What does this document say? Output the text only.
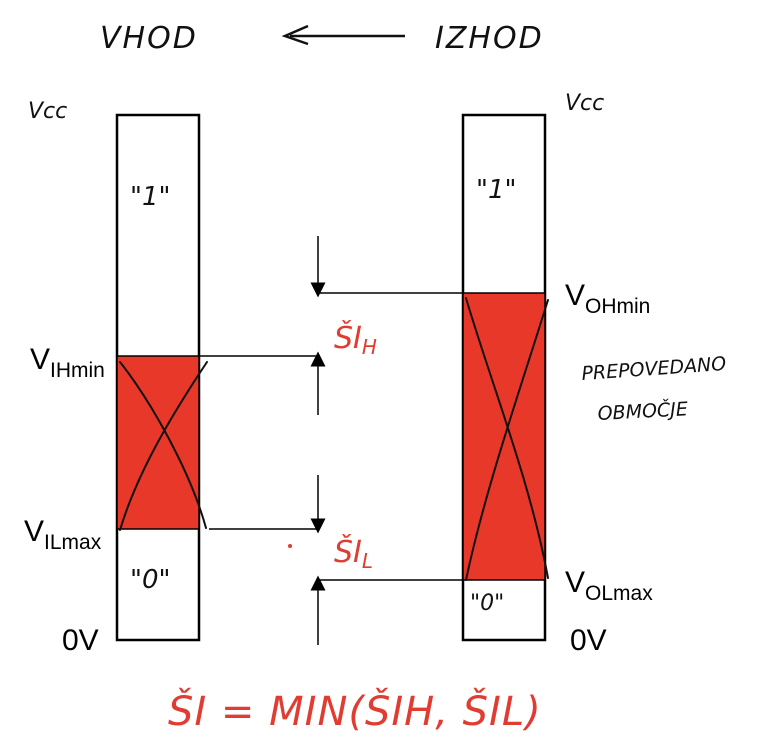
VHOD	IZHOD
Vcc
"1"
"0"
$V_{IHmin}$
$V_{ILmax}$
0V
Vcc
"1"
"0"
$V_{OHmin}$
$V_{OLmax}$
0V
$ŠI_H$
$ŠI_L$
PREPOVEDANO
OBMOČJE
ŠI = MIN(ŠIH, ŠIL)
